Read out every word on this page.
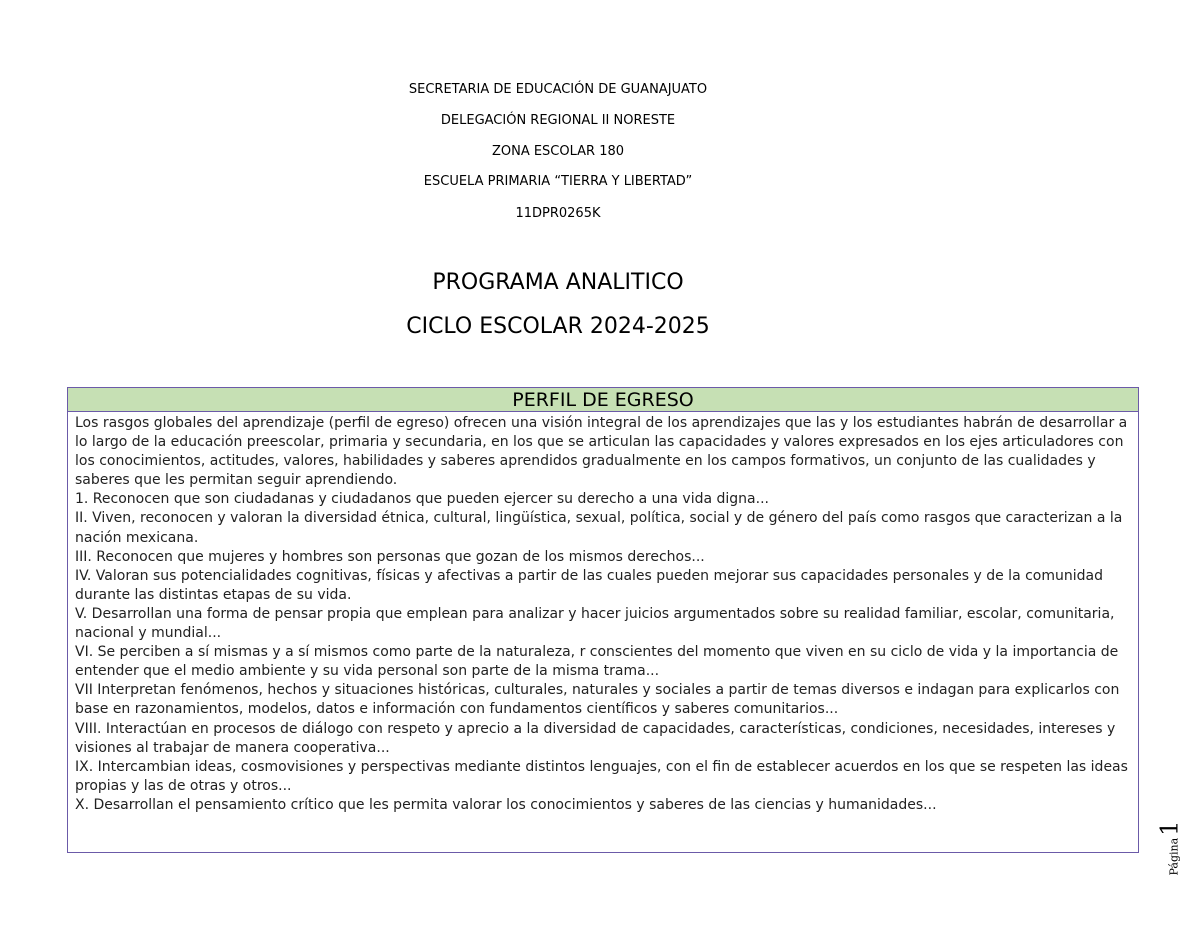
SECRETARIA DE EDUCACIÓN DE GUANAJUATO
DELEGACIÓN REGIONAL II NORESTE
ZONA ESCOLAR 180
ESCUELA PRIMARIA “TIERRA Y LIBERTAD”
11DPR0265K
PROGRAMA ANALITICO
CICLO ESCOLAR 2024-2025
PERFIL DE EGRESO

Los rasgos globales del aprendizaje (perfil de egreso) ofrecen una visión integral de los aprendizajes que las y los estudiantes habrán de desarrollar a lo largo de la educación preescolar, primaria y secundaria, en los que se articulan las capacidades y valores expresados en los ejes articuladores con los conocimientos, actitudes, valores, habilidades y saberes aprendidos gradualmente en los campos formativos, un conjunto de las cualidades y saberes que les permitan seguir aprendiendo.

1. Reconocen que son ciudadanas y ciudadanos que pueden ejercer su derecho a una vida digna...

II. Viven, reconocen y valoran la diversidad étnica, cultural, lingüística, sexual, política, social y de género del país como rasgos que caracterizan a la nación mexicana.

III. Reconocen que mujeres y hombres son personas que gozan de los mismos derechos...

IV. Valoran sus potencialidades cognitivas, físicas y afectivas a partir de las cuales pueden mejorar sus capacidades personales y de la comunidad durante las distintas etapas de su vida.

V. Desarrollan una forma de pensar propia que emplean para analizar y hacer juicios argumentados sobre su realidad familiar, escolar, comunitaria, nacional y mundial...

VI. Se perciben a sí mismas y a sí mismos como parte de la naturaleza, r conscientes del momento que viven en su ciclo de vida y la importancia de entender que el medio ambiente y su vida personal son parte de la misma trama...

VII Interpretan fenómenos, hechos y situaciones históricas, culturales, naturales y sociales a partir de temas diversos e indagan para explicarlos con base en razonamientos, modelos, datos e información con fundamentos científicos y saberes comunitarios...

VIII. Interactúan en procesos de diálogo con respeto y aprecio a la diversidad de capacidades, características, condiciones, necesidades, intereses y visiones al trabajar de manera cooperativa...

IX. Intercambian ideas, cosmovisiones y perspectivas mediante distintos lenguajes, con el fin de establecer acuerdos en los que se respeten las ideas propias y las de otras y otros...

X. Desarrollan el pensamiento crítico que les permita valorar los conocimientos y saberes de las ciencias y humanidades...

Página1
